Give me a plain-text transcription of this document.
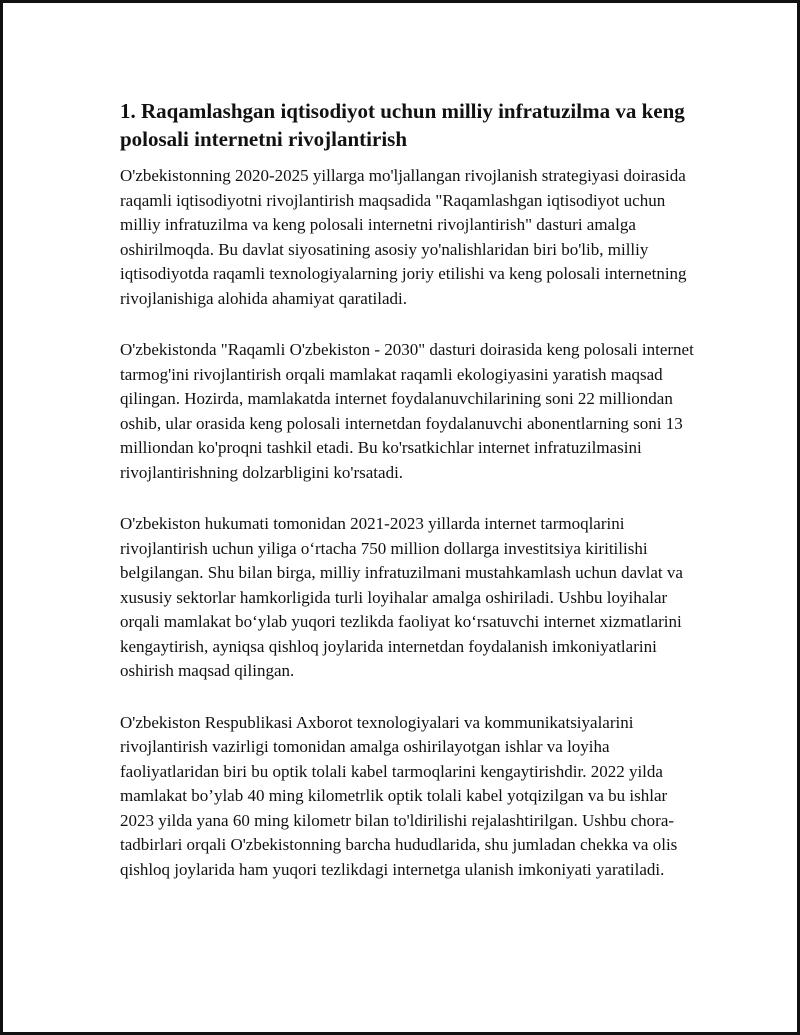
1. Raqamlashgan iqtisodiyot uchun milliy infratuzilma va keng polosali internetni rivojlantirish

O'zbekistonning 2020-2025 yillarga mo'ljallangan rivojlanish strategiyasi doirasida raqamli iqtisodiyotni rivojlantirish maqsadida "Raqamlashgan iqtisodiyot uchun milliy infratuzilma va keng polosali internetni rivojlantirish" dasturi amalga oshirilmoqda. Bu davlat siyosatining asosiy yo'nalishlaridan biri bo'lib, milliy iqtisodiyotda raqamli texnologiyalarning joriy etilishi va keng polosali internetning rivojlanishiga alohida ahamiyat qaratiladi.

O'zbekistonda "Raqamli O'zbekiston - 2030" dasturi doirasida keng polosali internet tarmog'ini rivojlantirish orqali mamlakat raqamli ekologiyasini yaratish maqsad qilingan. Hozirda, mamlakatda internet foydalanuvchilarining soni 22 milliondan oshib, ular orasida keng polosali internetdan foydalanuvchi abonentlarning soni 13 milliondan ko'proqni tashkil etadi. Bu ko'rsatkichlar internet infratuzilmasini rivojlantirishning dolzarbligini ko'rsatadi.

O'zbekiston hukumati tomonidan 2021-2023 yillarda internet tarmoqlarini rivojlantirish uchun yiliga o‘rtacha 750 million dollarga investitsiya kiritilishi belgilangan. Shu bilan birga, milliy infratuzilmani mustahkamlash uchun davlat va xususiy sektorlar hamkorligida turli loyihalar amalga oshiriladi. Ushbu loyihalar orqali mamlakat bo‘ylab yuqori tezlikda faoliyat ko‘rsatuvchi internet xizmatlarini kengaytirish, ayniqsa qishloq joylarida internetdan foydalanish imkoniyatlarini oshirish maqsad qilingan.

O'zbekiston Respublikasi Axborot texnologiyalari va kommunikatsiyalarini rivojlantirish vazirligi tomonidan amalga oshirilayotgan ishlar va loyiha faoliyatlaridan biri bu optik tolali kabel tarmoqlarini kengaytirishdir. 2022 yilda mamlakat bo’ylab 40 ming kilometrlik optik tolali kabel yotqizilgan va bu ishlar 2023 yilda yana 60 ming kilometr bilan to'ldirilishi rejalashtirilgan. Ushbu chora-tadbirlari orqali O'zbekistonning barcha hududlarida, shu jumladan chekka va olis qishloq joylarida ham yuqori tezlikdagi internetga ulanish imkoniyati yaratiladi.
